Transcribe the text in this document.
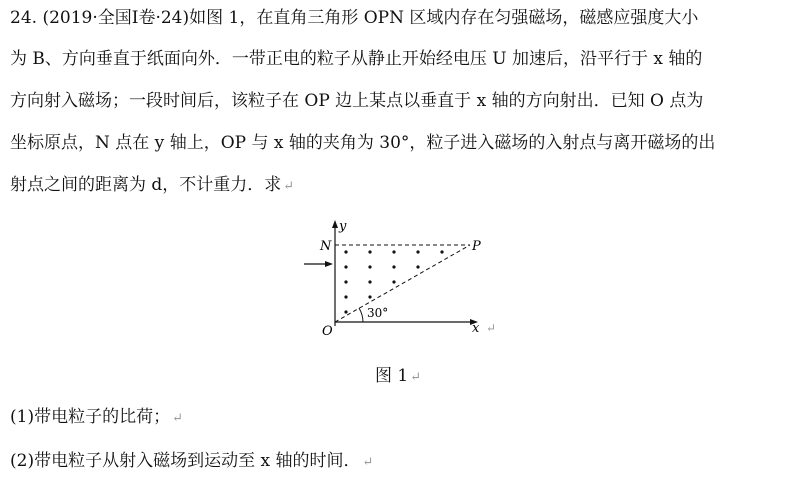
24. (2019·全国Ⅰ卷·24)如图 1，在直角三角形 OPN 区域内存在匀强磁场，磁感应强度大小
为 B、方向垂直于纸面向外．一带正电的粒子从静止开始经电压 U 加速后，沿平行于 x 轴的
方向射入磁场；一段时间后，该粒子在 OP 边上某点以垂直于 x 轴的方向射出．已知 O 点为
坐标原点，N 点在 y 轴上，OP 与 x 轴的夹角为 30°，粒子进入磁场的入射点与离开磁场的出
射点之间的距离为 d，不计重力．求 ↵
y
N	P
O	x
30°
↵
图 1 ↵
(1)带电粒子的比荷； ↵
(2)带电粒子从射入磁场到运动至 x 轴的时间． ↵
